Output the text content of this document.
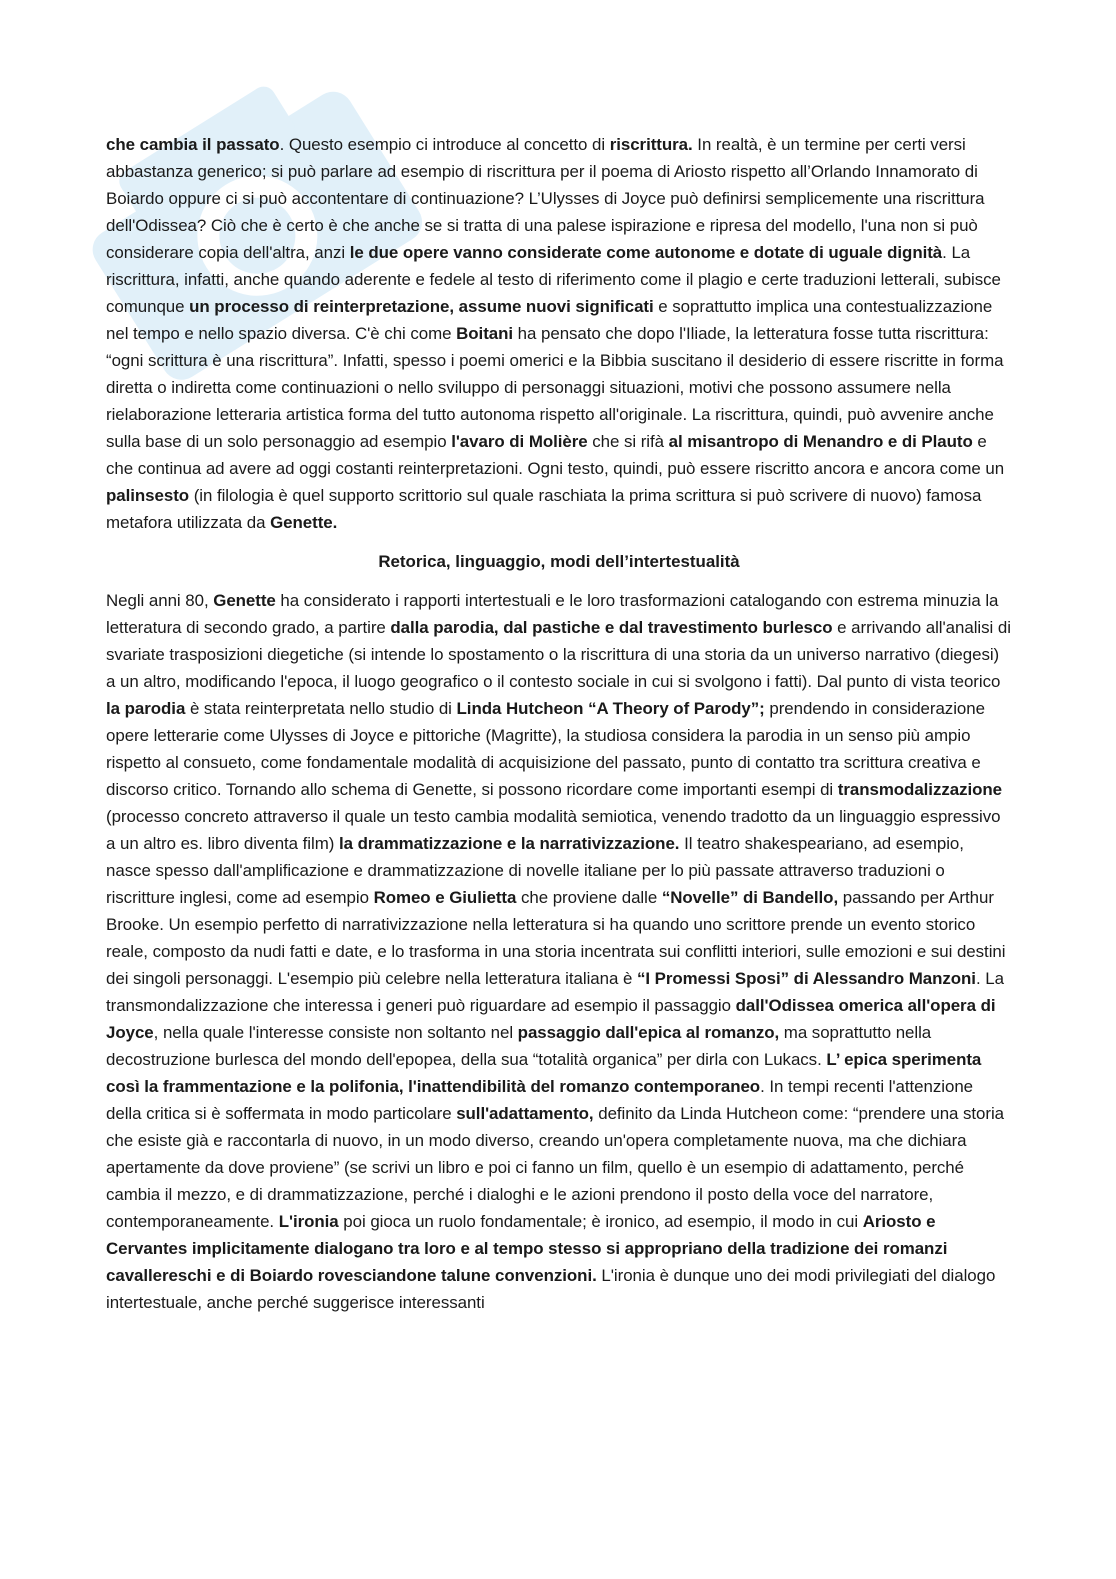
che cambia il passato. Questo esempio ci introduce al concetto di riscrittura. In realtà, è un termine per certi versi abbastanza generico; si può parlare ad esempio di riscrittura per il poema di Ariosto rispetto all’Orlando Innamorato di Boiardo oppure ci si può accontentare di continuazione? L’Ulysses di Joyce può definirsi semplicemente una riscrittura dell'Odissea? Ciò che è certo è che anche se si tratta di una palese ispirazione e ripresa del modello, l'una non si può considerare copia dell'altra, anzi le due opere vanno considerate come autonome e dotate di uguale dignità. La riscrittura, infatti, anche quando aderente e fedele al testo di riferimento come il plagio e certe traduzioni letterali, subisce comunque un processo di reinterpretazione, assume nuovi significati e soprattutto implica una contestualizzazione nel tempo e nello spazio diversa. C'è chi come Boitani ha pensato che dopo l'Iliade, la letteratura fosse tutta riscrittura: “ogni scrittura è una riscrittura”. Infatti, spesso i poemi omerici e la Bibbia suscitano il desiderio di essere riscritte in forma diretta o indiretta come continuazioni o nello sviluppo di personaggi situazioni, motivi che possono assumere nella rielaborazione letteraria artistica forma del tutto autonoma rispetto all'originale. La riscrittura, quindi, può avvenire anche sulla base di un solo personaggio ad esempio l'avaro di Molière che si rifà al misantropo di Menandro e di Plauto e che continua ad avere ad oggi costanti reinterpretazioni. Ogni testo, quindi, può essere riscritto ancora e ancora come un palinsesto (in filologia è quel supporto scrittorio sul quale raschiata la prima scrittura si può scrivere di nuovo) famosa metafora utilizzata da Genette.

Retorica, linguaggio, modi dell’intertestualità

Negli anni 80, Genette ha considerato i rapporti intertestuali e le loro trasformazioni catalogando con estrema minuzia la letteratura di secondo grado, a partire dalla parodia, dal pastiche e dal travestimento burlesco e arrivando all'analisi di svariate trasposizioni diegetiche (si intende lo spostamento o la riscrittura di una storia da un universo narrativo (diegesi) a un altro, modificando l'epoca, il luogo geografico o il contesto sociale in cui si svolgono i fatti). Dal punto di vista teorico la parodia è stata reinterpretata nello studio di Linda Hutcheon “A Theory of Parody”; prendendo in considerazione opere letterarie come Ulysses di Joyce e pittoriche (Magritte), la studiosa considera la parodia in un senso più ampio rispetto al consueto, come fondamentale modalità di acquisizione del passato, punto di contatto tra scrittura creativa e discorso critico. Tornando allo schema di Genette, si possono ricordare come importanti esempi di transmodalizzazione (processo concreto attraverso il quale un testo cambia modalità semiotica, venendo tradotto da un linguaggio espressivo a un altro es. libro diventa film) la drammatizzazione e la narrativizzazione. Il teatro shakespeariano, ad esempio, nasce spesso dall'amplificazione e drammatizzazione di novelle italiane per lo più passate attraverso traduzioni o riscritture inglesi, come ad esempio Romeo e Giulietta che proviene dalle “Novelle” di Bandello, passando per Arthur Brooke. Un esempio perfetto di narrativizzazione nella letteratura si ha quando uno scrittore prende un evento storico reale, composto da nudi fatti e date, e lo trasforma in una storia incentrata sui conflitti interiori, sulle emozioni e sui destini dei singoli personaggi. L'esempio più celebre nella letteratura italiana è “I Promessi Sposi” di Alessandro Manzoni. La transmondalizzazione che interessa i generi può riguardare ad esempio il passaggio dall'Odissea omerica all'opera di Joyce, nella quale l'interesse consiste non soltanto nel passaggio dall'epica al romanzo, ma soprattutto nella decostruzione burlesca del mondo dell'epopea, della sua “totalità organica” per dirla con Lukacs. L’ epica sperimenta così la frammentazione e la polifonia, l'inattendibilità del romanzo contemporaneo. In tempi recenti l'attenzione della critica si è soffermata in modo particolare sull'adattamento, definito da Linda Hutcheon come: “prendere una storia che esiste già e raccontarla di nuovo, in un modo diverso, creando un'opera completamente nuova, ma che dichiara apertamente da dove proviene” (se scrivi un libro e poi ci fanno un film, quello è un esempio di adattamento, perché cambia il mezzo, e di drammatizzazione, perché i dialoghi e le azioni prendono il posto della voce del narratore, contemporaneamente. L'ironia poi gioca un ruolo fondamentale; è ironico, ad esempio, il modo in cui Ariosto e Cervantes implicitamente dialogano tra loro e al tempo stesso si appropriano della tradizione dei romanzi cavallereschi e di Boiardo rovesciandone talune convenzioni. L'ironia è dunque uno dei modi privilegiati del dialogo intertestuale, anche perché suggerisce interessanti
